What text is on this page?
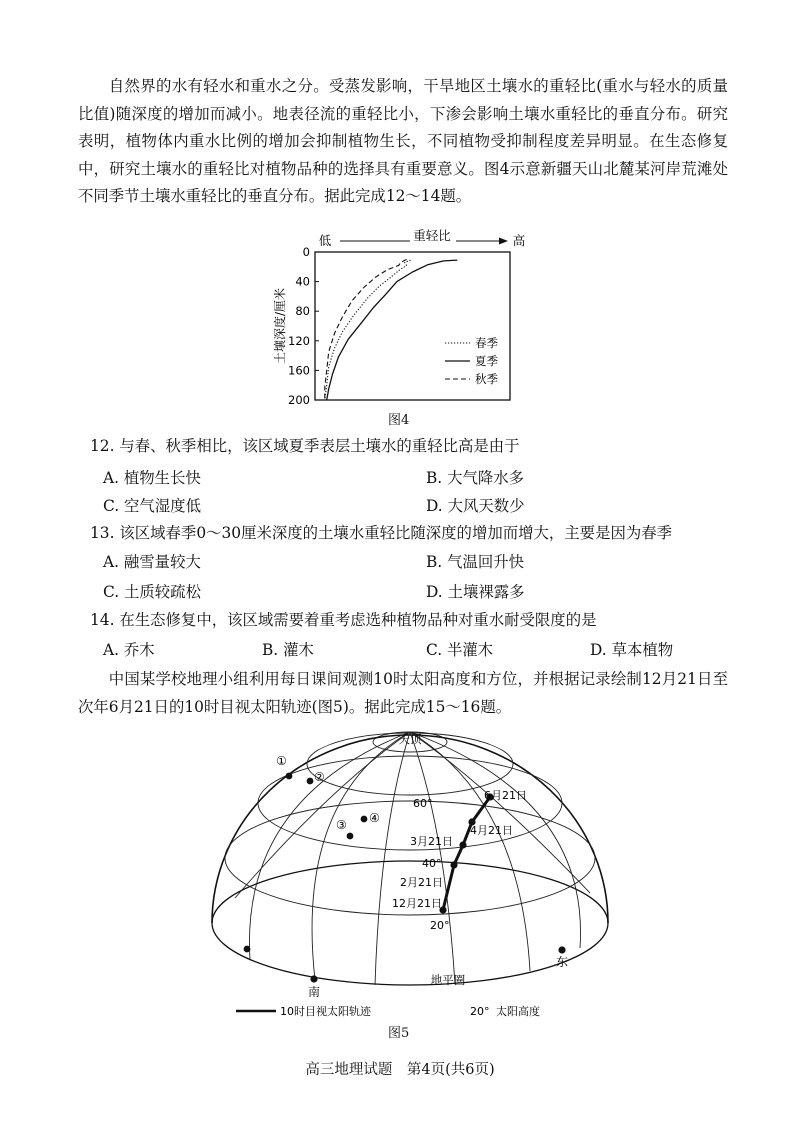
自然界的水有轻水和重水之分。受蒸发影响，干旱地区土壤水的重轻比(重水与轻水的质量比值)随深度的增加而减小。地表径流的重轻比小，下渗会影响土壤水重轻比的垂直分布。研究表明，植物体内重水比例的增加会抑制植物生长，不同植物受抑制程度差异明显。在生态修复中，研究土壤水的重轻比对植物品种的选择具有重要意义。图4示意新疆天山北麓某河岸荒滩处不同季节土壤水重轻比的垂直分布。据此完成12～14题。
0
40
80
120
160
200
低	重轻比	高
土壤深度/厘米	春季
夏季
秋季
图4
12. 与春、秋季相比，该区域夏季表层土壤水的重轻比高是由于
A. 植物生长快	B. 大气降水多
C. 空气湿度低	D. 大风天数少
13. 该区域春季0～30厘米深度的土壤水重轻比随深度的增加而增大，主要是因为春季
A. 融雪量较大	B. 气温回升快
C. 土质较疏松	D. 土壤裸露多
14. 在生态修复中，该区域需要着重考虑选种植物品种对重水耐受限度的是
A. 乔木	B. 灌木	C. 半灌木	D. 草本植物
中国某学校地理小组利用每日课间观测10时太阳高度和方位，并根据记录绘制12月21日至次年6月21日的10时目视太阳轨迹(图5)。据此完成15～16题。
天顶
60°
40°
20°
6月21日
4月21日
3月21日
2月21日
12月21日
①
②
③ ④
南
东
地平圈
10时目视太阳轨迹	20° 太阳高度
图5
高三地理试题　第4页(共6页)
